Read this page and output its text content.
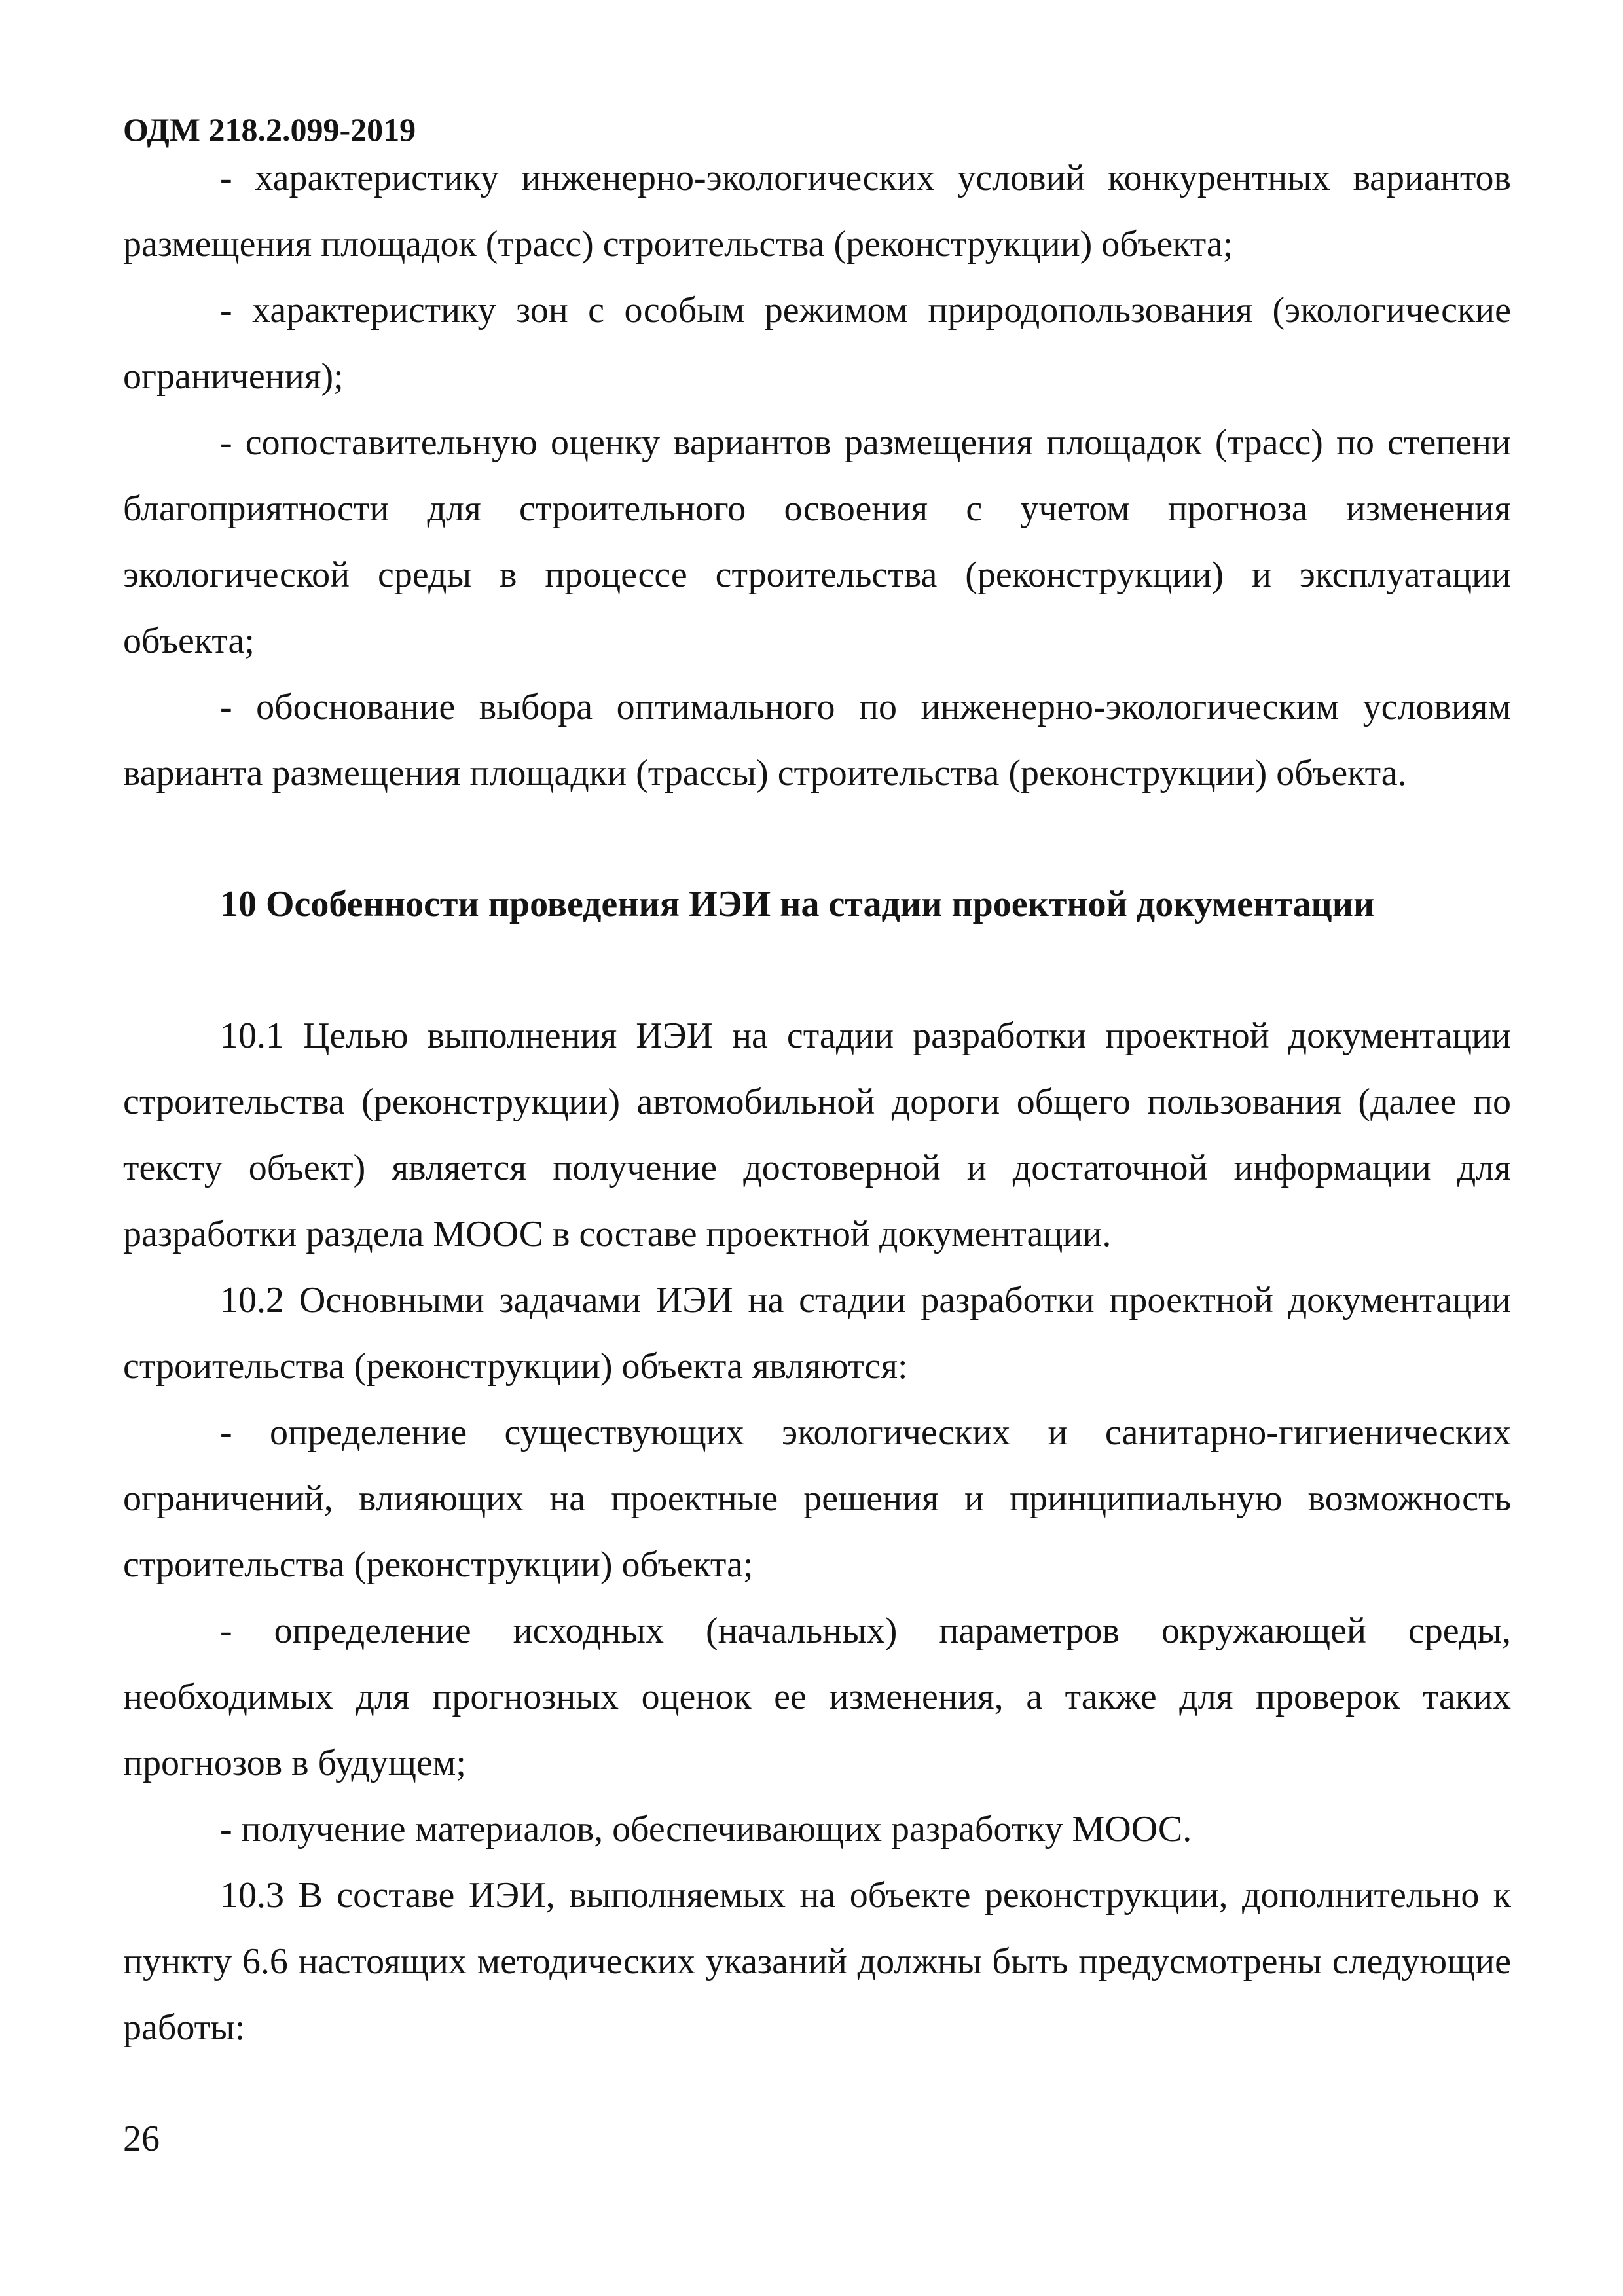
ОДМ 218.2.099-2019

- характеристику инженерно-экологических условий конкурентных вариантов размещения площадок (трасс) строительства (реконструкции) объекта;

- характеристику зон с особым режимом природопользования (экологические ограничения);

- сопоставительную оценку вариантов размещения площадок (трасс) по степени благоприятности для строительного освоения с учетом прогноза изменения экологической среды в процессе строительства (реконструкции) и эксплуатации объекта;

- обоснование выбора оптимального по инженерно-экологическим условиям варианта размещения площадки (трассы) строительства (реконструкции) объекта.

10 Особенности проведения ИЭИ на стадии проектной документации

10.1 Целью выполнения ИЭИ на стадии разработки проектной документации строительства (реконструкции) автомобильной дороги общего пользования (далее по тексту объект) является получение достоверной и достаточной информации для разработки раздела МООС в составе проектной документации.

10.2 Основными задачами ИЭИ на стадии разработки проектной документации строительства (реконструкции) объекта являются:

- определение существующих экологических и санитарно-гигиенических ограничений, влияющих на проектные решения и принципиальную возможность строительства (реконструкции) объекта;

- определение исходных (начальных) параметров окружающей среды, необходимых для прогнозных оценок ее изменения, а также для проверок таких прогнозов в будущем;

- получение материалов, обеспечивающих разработку МООС.

10.3 В составе ИЭИ, выполняемых на объекте реконструкции, дополнительно к пункту 6.6 настоящих методических указаний должны быть предусмотрены следующие работы:

26
